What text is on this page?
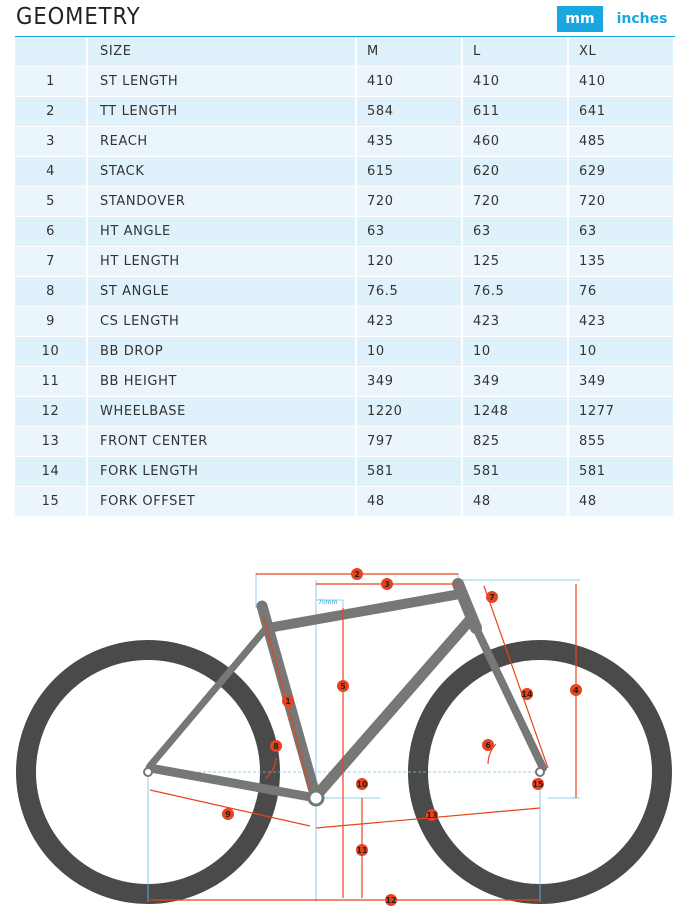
GEOMETRY	mm	inches
	SIZE	M	L	XL
1	ST LENGTH	410	410	410
2	TT LENGTH	584	611	641
3	REACH	435	460	485
4	STACK	615	620	629
5	STANDOVER	720	720	720
6	HT ANGLE	63	63	63
7	HT LENGTH	120	125	135
8	ST ANGLE	76.5	76.5	76
9	CS LENGTH	423	423	423
10	BB DROP	10	10	10
11	BB HEIGHT	349	349	349
12	WHEELBASE	1220	1248	1277
13	FRONT CENTER	797	825	855
14	FORK LENGTH	581	581	581
15	FORK OFFSET	48	48	48
1
2
3
4
5
6
7
8
9
10
11
12
13
14
15
70mm
